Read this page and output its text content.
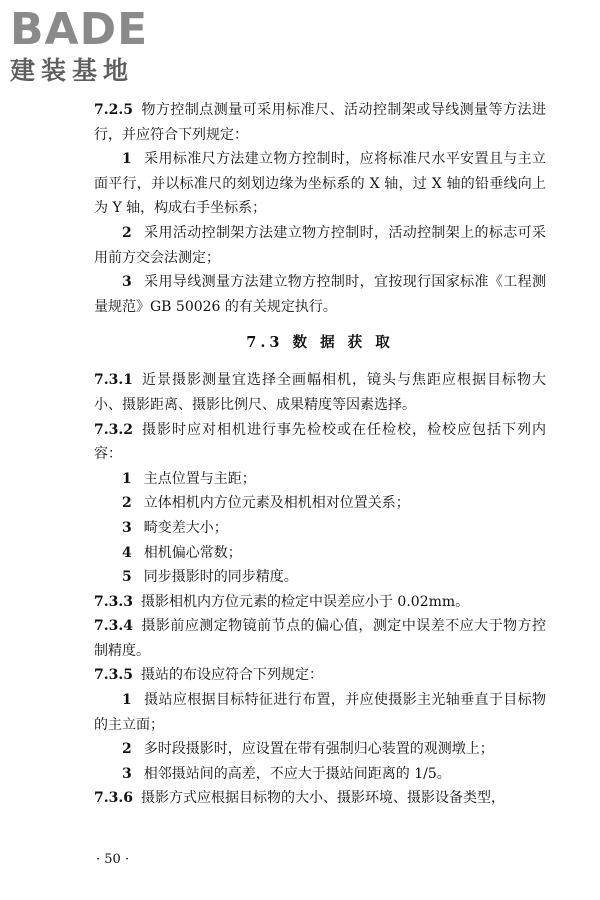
BADE
建装基地

7.2.5 物方控制点测量可采用标准尺、活动控制架或导线测量等方法进行，并应符合下列规定：

1 采用标准尺方法建立物方控制时，应将标准尺水平安置且与主立面平行，并以标准尺的刻划边缘为坐标系的 X 轴，过 X 轴的铅垂线向上为 Y 轴，构成右手坐标系；

2 采用活动控制架方法建立物方控制时，活动控制架上的标志可采用前方交会法测定；

3 采用导线测量方法建立物方控制时，宜按现行国家标准《工程测量规范》GB 50026 的有关规定执行。

7.3 数 据 获 取

7.3.1 近景摄影测量宜选择全画幅相机，镜头与焦距应根据目标物大小、摄影距离、摄影比例尺、成果精度等因素选择。

7.3.2 摄影时应对相机进行事先检校或在任检校，检校应包括下列内容：

1 主点位置与主距；

2 立体相机内方位元素及相机相对位置关系；

3 畸变差大小；

4 相机偏心常数；

5 同步摄影时的同步精度。

7.3.3 摄影相机内方位元素的检定中误差应小于 0.02mm。

7.3.4 摄影前应测定物镜前节点的偏心值，测定中误差不应大于物方控制精度。

7.3.5 摄站的布设应符合下列规定：

1 摄站应根据目标特征进行布置，并应使摄影主光轴垂直于目标物的主立面；

2 多时段摄影时，应设置在带有强制归心装置的观测墩上；

3 相邻摄站间的高差，不应大于摄站间距离的 1/5。

7.3.6 摄影方式应根据目标物的大小、摄影环境、摄影设备类型，

· 50 ·
